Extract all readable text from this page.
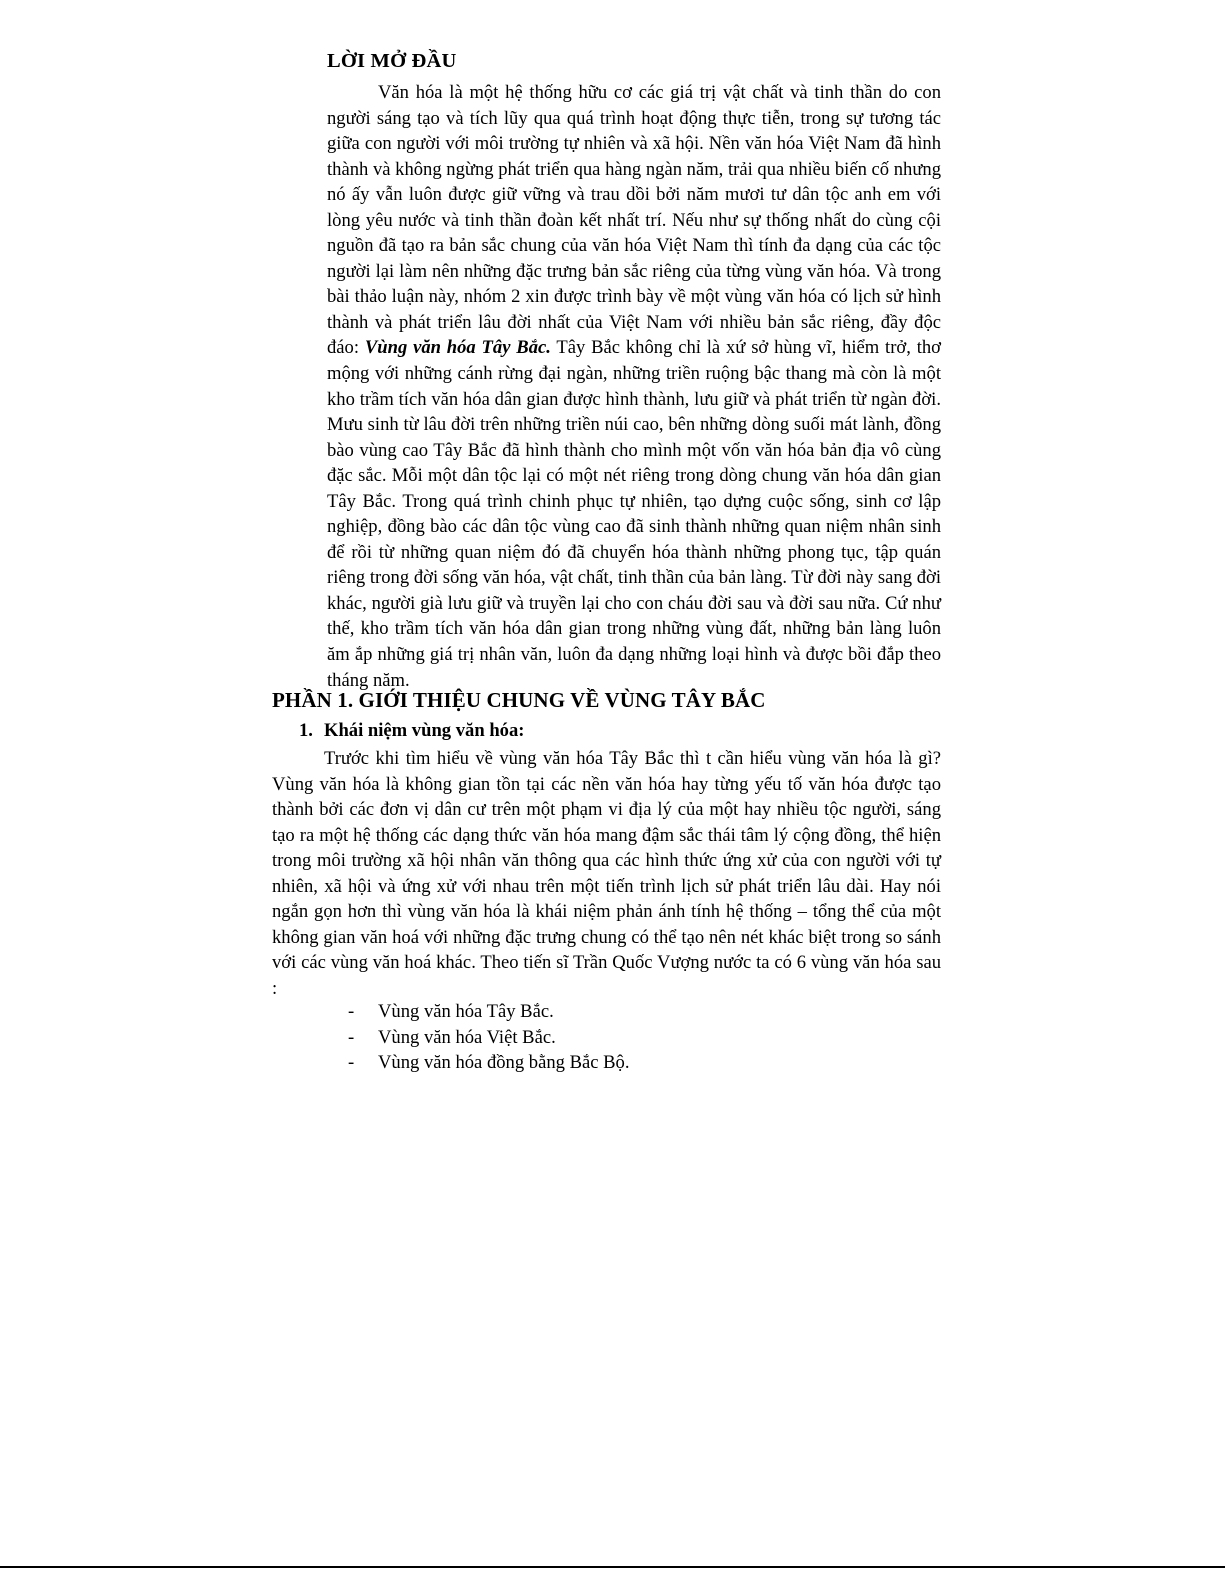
LỜI MỞ ĐẦU

Văn hóa là một hệ thống hữu cơ các giá trị vật chất và tinh thần do con người sáng tạo và tích lũy qua quá trình hoạt động thực tiễn, trong sự tương tác giữa con người với môi trường tự nhiên và xã hội. Nền văn hóa Việt Nam đã hình thành và không ngừng phát triển qua hàng ngàn năm, trải qua nhiều biến cố nhưng nó ấy vẫn luôn được giữ vững và trau dồi bởi năm mươi tư dân tộc anh em với lòng yêu nước và tinh thần đoàn kết nhất trí. Nếu như sự thống nhất do cùng cội nguồn đã tạo ra bản sắc chung của văn hóa Việt Nam thì tính đa dạng của các tộc người lại làm nên những đặc trưng bản sắc riêng của từng vùng văn hóa. Và trong bài thảo luận này, nhóm 2 xin được trình bày về một vùng văn hóa có lịch sử hình thành và phát triển lâu đời nhất của Việt Nam với nhiều bản sắc riêng, đầy độc đáo: Vùng văn hóa Tây Bắc. Tây Bắc không chỉ là xứ sở hùng vĩ, hiểm trở, thơ mộng với những cánh rừng đại ngàn, những triền ruộng bậc thang mà còn là một kho trầm tích văn hóa dân gian được hình thành, lưu giữ và phát triển từ ngàn đời. Mưu sinh từ lâu đời trên những triền núi cao, bên những dòng suối mát lành, đồng bào vùng cao Tây Bắc đã hình thành cho mình một vốn văn hóa bản địa vô cùng đặc sắc. Mỗi một dân tộc lại có một nét riêng trong dòng chung văn hóa dân gian Tây Bắc. Trong quá trình chinh phục tự nhiên, tạo dựng cuộc sống, sinh cơ lập nghiệp, đồng bào các dân tộc vùng cao đã sinh thành những quan niệm nhân sinh để rồi từ những quan niệm đó đã chuyển hóa thành những phong tục, tập quán riêng trong đời sống văn hóa, vật chất, tinh thần của bản làng. Từ đời này sang đời khác, người già lưu giữ và truyền lại cho con cháu đời sau và đời sau nữa. Cứ như thế, kho trầm tích văn hóa dân gian trong những vùng đất, những bản làng luôn ăm ắp những giá trị nhân văn, luôn đa dạng những loại hình và được bồi đắp theo tháng năm.

PHẦN 1. GIỚI THIỆU CHUNG VỀ VÙNG TÂY BẮC
1. Khái niệm vùng văn hóa:

Trước khi tìm hiểu về vùng văn hóa Tây Bắc thì t cần hiểu vùng văn hóa là gì? Vùng văn hóa là không gian tồn tại các nền văn hóa hay từng yếu tố văn hóa được tạo thành bởi các đơn vị dân cư trên một phạm vi địa lý của một hay nhiều tộc người, sáng tạo ra một hệ thống các dạng thức văn hóa mang đậm sắc thái tâm lý cộng đồng, thể hiện trong môi trường xã hội nhân văn thông qua các hình thức ứng xử của con người với tự nhiên, xã hội và ứng xử với nhau trên một tiến trình lịch sử phát triển lâu dài. Hay nói ngắn gọn hơn thì vùng văn hóa là khái niệm phản ánh tính hệ thống – tổng thể của một không gian văn hoá với những đặc trưng chung có thể tạo nên nét khác biệt trong so sánh với các vùng văn hoá khác. Theo tiến sĩ Trần Quốc Vượng nước ta có 6 vùng văn hóa sau :

-	Vùng văn hóa Tây Bắc.
-	Vùng văn hóa Việt Bắc.
-	Vùng văn hóa đồng bằng Bắc Bộ.
